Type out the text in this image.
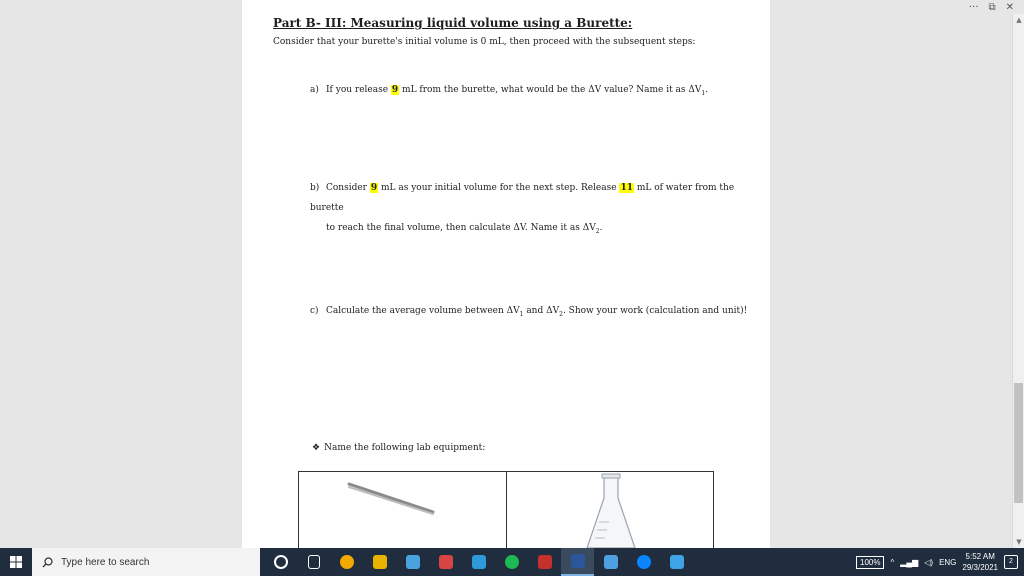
··· ⧉ ✕
Part B- III: Measuring liquid volume using a Burette:
Consider that your burette's initial volume is 0 mL, then proceed with the subsequent steps:
a) If you release 9 mL from the burette, what would be the ΔV value? Name it as $\Delta V_1$.
b) Consider 9 mL as your initial volume for the next step. Release 11 mL of water from the burette
to reach the final volume, then calculate ΔV. Name it as $\Delta V_2$.
c) Calculate the average volume between $\Delta V_1$ and $\Delta V_2$. Show your work (calculation and unit)!
❖ Name the following lab equipment:
▲
▼
Type here to search	100%	^ ▂▄▆ ◁) ENG
5:52 AM
29/3/2021
2
